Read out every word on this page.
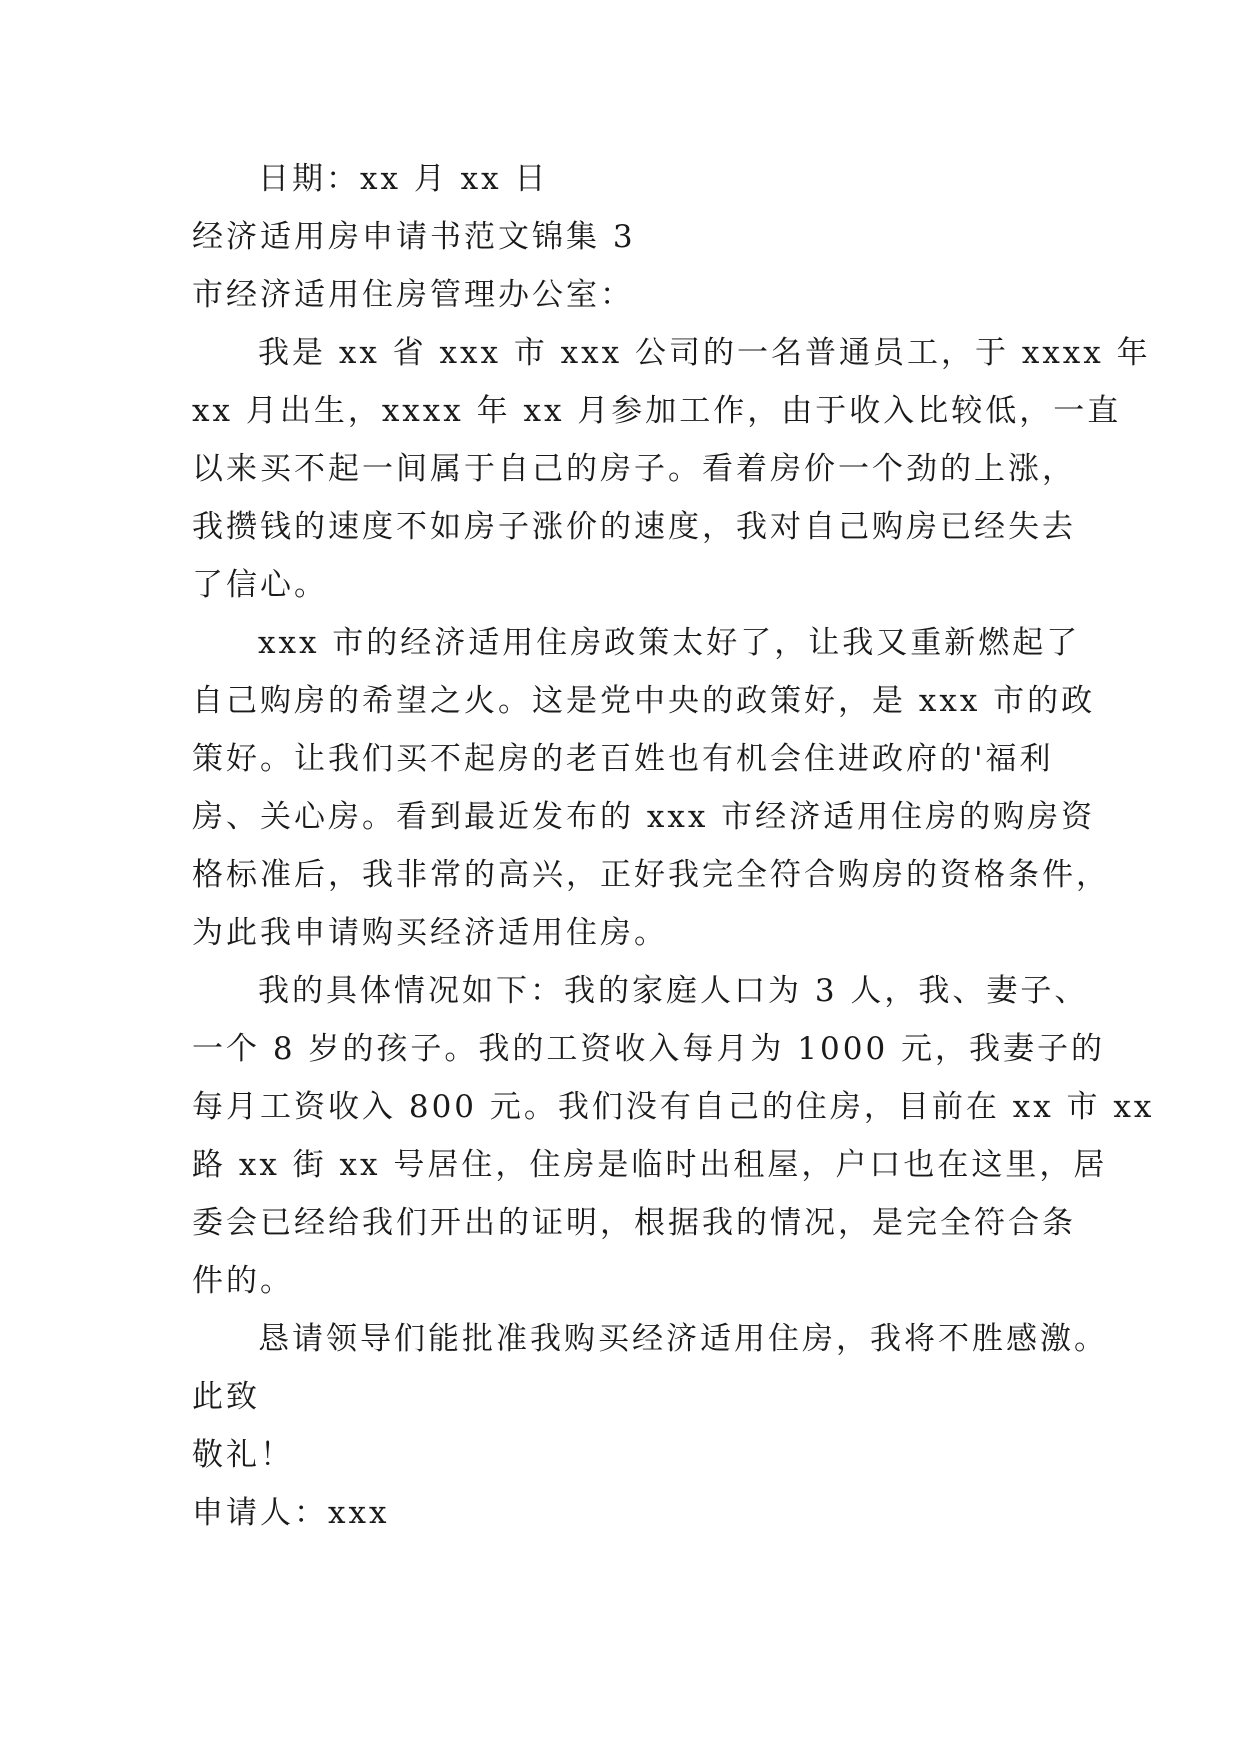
日期：xx 月 xx 日
经济适用房申请书范文锦集 3
市经济适用住房管理办公室：
我是 xx 省 xxx 市 xxx 公司的一名普通员工，于 xxxx 年
xx 月出生，xxxx 年 xx 月参加工作，由于收入比较低，一直
以来买不起一间属于自己的房子。看着房价一个劲的上涨，
我攒钱的速度不如房子涨价的速度，我对自己购房已经失去
了信心。
xxx 市的经济适用住房政策太好了，让我又重新燃起了
自己购房的希望之火。这是党中央的政策好，是 xxx 市的政
策好。让我们买不起房的老百姓也有机会住进政府的'福利
房、关心房。看到最近发布的 xxx 市经济适用住房的购房资
格标准后，我非常的高兴，正好我完全符合购房的资格条件，
为此我申请购买经济适用住房。
我的具体情况如下：我的家庭人口为 3 人，我、妻子、
一个 8 岁的孩子。我的工资收入每月为 1000 元，我妻子的
每月工资收入 800 元。我们没有自己的住房，目前在 xx 市 xx
路 xx 街 xx 号居住，住房是临时出租屋，户口也在这里，居
委会已经给我们开出的证明，根据我的情况，是完全符合条
件的。
恳请领导们能批准我购买经济适用住房，我将不胜感激。
此致
敬礼！
申请人：xxx
